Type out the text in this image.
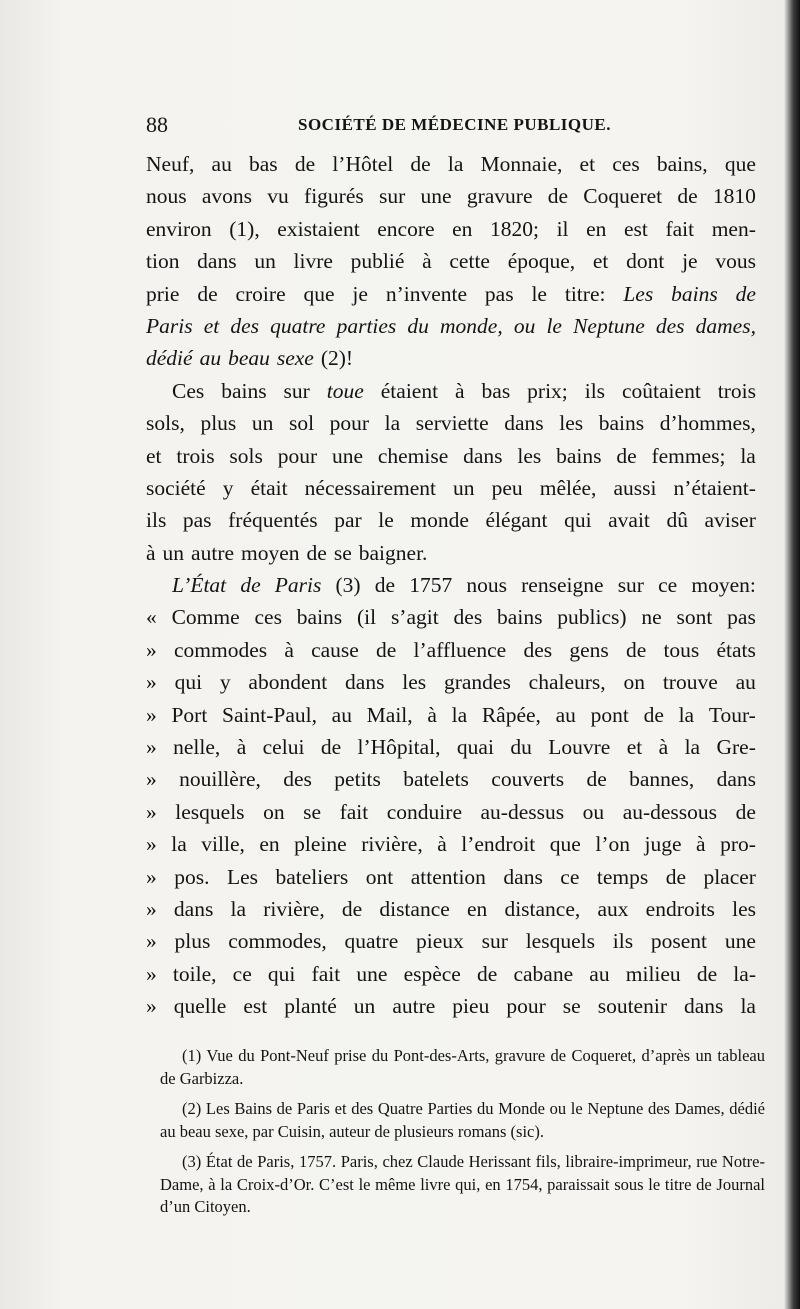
88	SOCIÉTÉ DE MÉDECINE PUBLIQUE.
Neuf, au bas de l’Hôtel de la Monnaie, et ces bains, que
nous avons vu figurés sur une gravure de Coqueret de 1810
environ (1), existaient encore en 1820; il en est fait men-
tion dans un livre publié à cette époque, et dont je vous
prie de croire que je n’invente pas le titre: Les bains de
Paris et des quatre parties du monde, ou le Neptune des dames,
dédié au beau sexe (2)!
Ces bains sur toue étaient à bas prix; ils coûtaient trois
sols, plus un sol pour la serviette dans les bains d’hommes,
et trois sols pour une chemise dans les bains de femmes; la
société y était nécessairement un peu mêlée, aussi n’étaient-
ils pas fréquentés par le monde élégant qui avait dû aviser
à un autre moyen de se baigner.
L’État de Paris (3) de 1757 nous renseigne sur ce moyen:
« Comme ces bains (il s’agit des bains publics) ne sont pas
» commodes à cause de l’affluence des gens de tous états
» qui y abondent dans les grandes chaleurs, on trouve au
» Port Saint-Paul, au Mail, à la Râpée, au pont de la Tour-
» nelle, à celui de l’Hôpital, quai du Louvre et à la Gre-
» nouillère, des petits batelets couverts de bannes, dans
» lesquels on se fait conduire au-dessus ou au-dessous de
» la ville, en pleine rivière, à l’endroit que l’on juge à pro-
» pos. Les bateliers ont attention dans ce temps de placer
» dans la rivière, de distance en distance, aux endroits les
» plus commodes, quatre pieux sur lesquels ils posent une
» toile, ce qui fait une espèce de cabane au milieu de la-
» quelle est planté un autre pieu pour se soutenir dans la

(1) Vue du Pont-Neuf prise du Pont-des-Arts, gravure de Coqueret, d’après un tableau de Garbizza.

(2) Les Bains de Paris et des Quatre Parties du Monde ou le Neptune des Dames, dédié au beau sexe, par Cuisin, auteur de plusieurs romans (sic).

(3) État de Paris, 1757. Paris, chez Claude Herissant fils, libraire-imprimeur, rue Notre-Dame, à la Croix-d’Or. C’est le même livre qui, en 1754, paraissait sous le titre de Journal d’un Citoyen.
